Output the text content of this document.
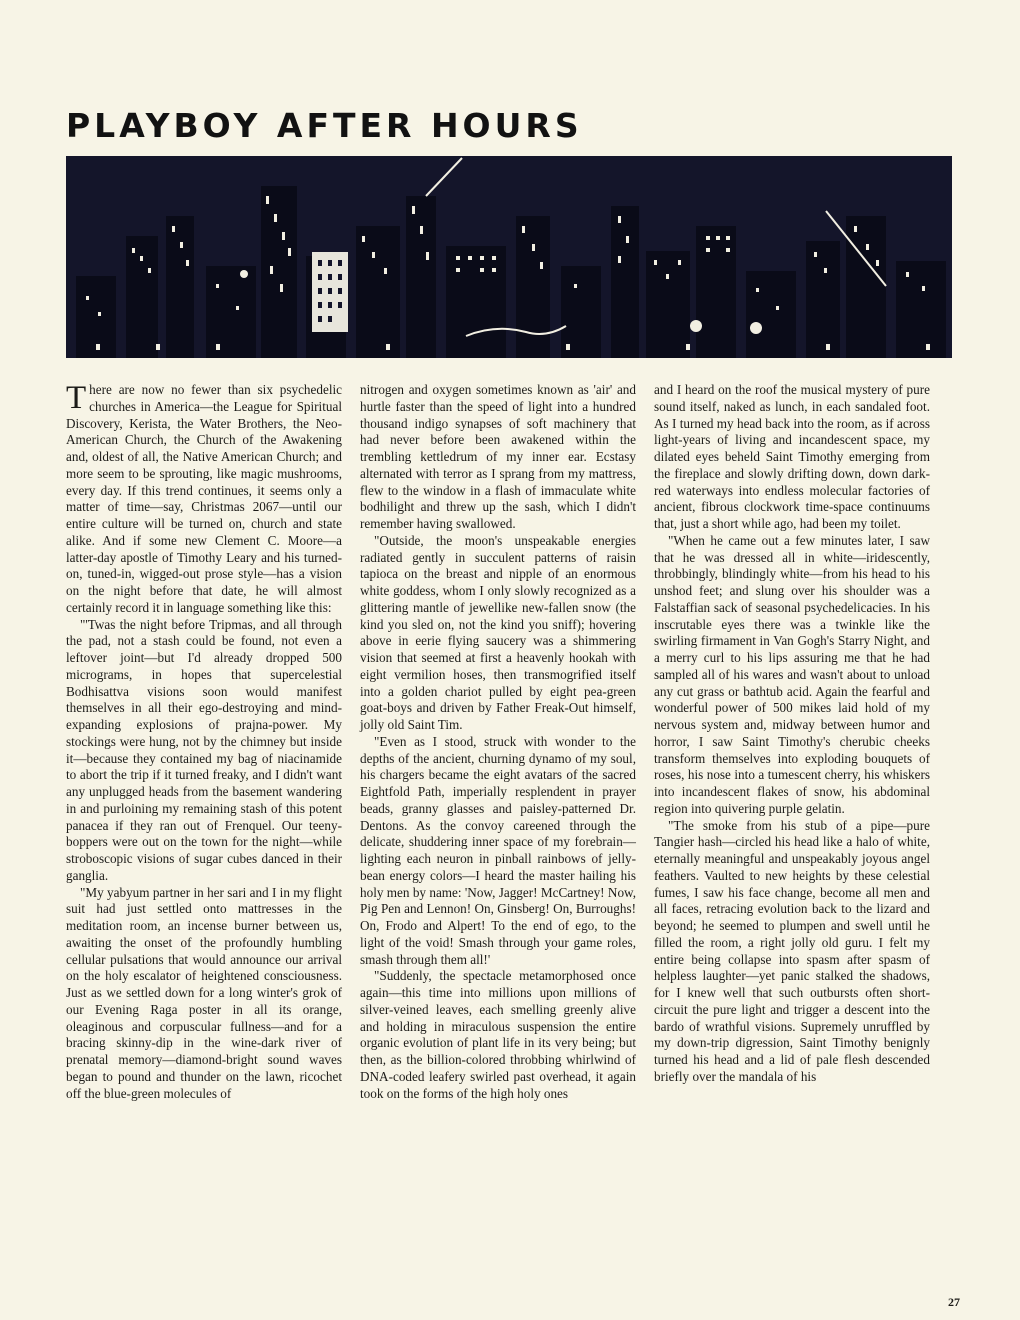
PLAYBOY AFTER HOURS

There are now no fewer than six psychedelic churches in America—the League for Spiritual Discovery, Kerista, the Water Brothers, the Neo-American Church, the Church of the Awakening and, oldest of all, the Native American Church; and more seem to be sprouting, like magic mushrooms, every day. If this trend continues, it seems only a matter of time—say, Christmas 2067—until our entire culture will be turned on, church and state alike. And if some new Clement C. Moore—a latter-day apostle of Timothy Leary and his turned-on, tuned-in, wigged-out prose style—has a vision on the night before that date, he will almost certainly record it in language something like this:

"'Twas the night before Tripmas, and all through the pad, not a stash could be found, not even a leftover joint—but I'd already dropped 500 micrograms, in hopes that supercelestial Bodhisattva visions soon would manifest themselves in all their ego-destroying and mind-expanding explosions of prajna-power. My stockings were hung, not by the chimney but inside it—because they contained my bag of niacinamide to abort the trip if it turned freaky, and I didn't want any unplugged heads from the basement wandering in and purloining my remaining stash of this potent panacea if they ran out of Frenquel. Our teeny-boppers were out on the town for the night—while stroboscopic visions of sugar cubes danced in their ganglia.

"My yabyum partner in her sari and I in my flight suit had just settled onto mattresses in the meditation room, an incense burner between us, awaiting the onset of the profoundly humbling cellular pulsations that would announce our arrival on the holy escalator of heightened consciousness. Just as we settled down for a long winter's grok of our Evening Raga poster in all its orange, oleaginous and corpuscular fullness—and for a bracing skinny-dip in the wine-dark river of prenatal memory—diamond-bright sound waves began to pound and thunder on the lawn, ricochet off the blue-green molecules of

nitrogen and oxygen sometimes known as 'air' and hurtle faster than the speed of light into a hundred thousand indigo synapses of soft machinery that had never before been awakened within the trembling kettledrum of my inner ear. Ecstasy alternated with terror as I sprang from my mattress, flew to the window in a flash of immaculate white bodhilight and threw up the sash, which I didn't remember having swallowed.

"Outside, the moon's unspeakable energies radiated gently in succulent patterns of raisin tapioca on the breast and nipple of an enormous white goddess, whom I only slowly recognized as a glittering mantle of jewellike new-fallen snow (the kind you sled on, not the kind you sniff); hovering above in eerie flying saucery was a shimmering vision that seemed at first a heavenly hookah with eight vermilion hoses, then transmogrified itself into a golden chariot pulled by eight pea-green goat-boys and driven by Father Freak-Out himself, jolly old Saint Tim.

"Even as I stood, struck with wonder to the depths of the ancient, churning dynamo of my soul, his chargers became the eight avatars of the sacred Eightfold Path, imperially resplendent in prayer beads, granny glasses and paisley-patterned Dr. Dentons. As the convoy careened through the delicate, shuddering inner space of my forebrain—lighting each neuron in pinball rainbows of jelly-bean energy colors—I heard the master hailing his holy men by name: 'Now, Jagger! McCartney! Now, Pig Pen and Lennon! On, Ginsberg! On, Burroughs! On, Frodo and Alpert! To the end of ego, to the light of the void! Smash through your game roles, smash through them all!'

"Suddenly, the spectacle metamorphosed once again—this time into millions upon millions of silver-veined leaves, each smelling greenly alive and holding in miraculous suspension the entire organic evolution of plant life in its very being; but then, as the billion-colored throbbing whirlwind of DNA-coded leafery swirled past overhead, it again took on the forms of the high holy ones

and I heard on the roof the musical mystery of pure sound itself, naked as lunch, in each sandaled foot. As I turned my head back into the room, as if across light-years of living and incandescent space, my dilated eyes beheld Saint Timothy emerging from the fireplace and slowly drifting down, down dark-red waterways into endless molecular factories of ancient, fibrous clockwork time-space continuums that, just a short while ago, had been my toilet.

"When he came out a few minutes later, I saw that he was dressed all in white—iridescently, throbbingly, blindingly white—from his head to his unshod feet; and slung over his shoulder was a Falstaffian sack of seasonal psychedelicacies. In his inscrutable eyes there was a twinkle like the swirling firmament in Van Gogh's Starry Night, and a merry curl to his lips assuring me that he had sampled all of his wares and wasn't about to unload any cut grass or bathtub acid. Again the fearful and wonderful power of 500 mikes laid hold of my nervous system and, midway between humor and horror, I saw Saint Timothy's cherubic cheeks transform themselves into exploding bouquets of roses, his nose into a tumescent cherry, his whiskers into incandescent flakes of snow, his abdominal region into quivering purple gelatin.

"The smoke from his stub of a pipe—pure Tangier hash—circled his head like a halo of white, eternally meaningful and unspeakably joyous angel feathers. Vaulted to new heights by these celestial fumes, I saw his face change, become all men and all faces, retracing evolution back to the lizard and beyond; he seemed to plumpen and swell until he filled the room, a right jolly old guru. I felt my entire being collapse into spasm after spasm of helpless laughter—yet panic stalked the shadows, for I knew well that such outbursts often short-circuit the pure light and trigger a descent into the bardo of wrathful visions. Supremely unruffled by my down-trip digression, Saint Timothy benignly turned his head and a lid of pale flesh descended briefly over the mandala of his

27
